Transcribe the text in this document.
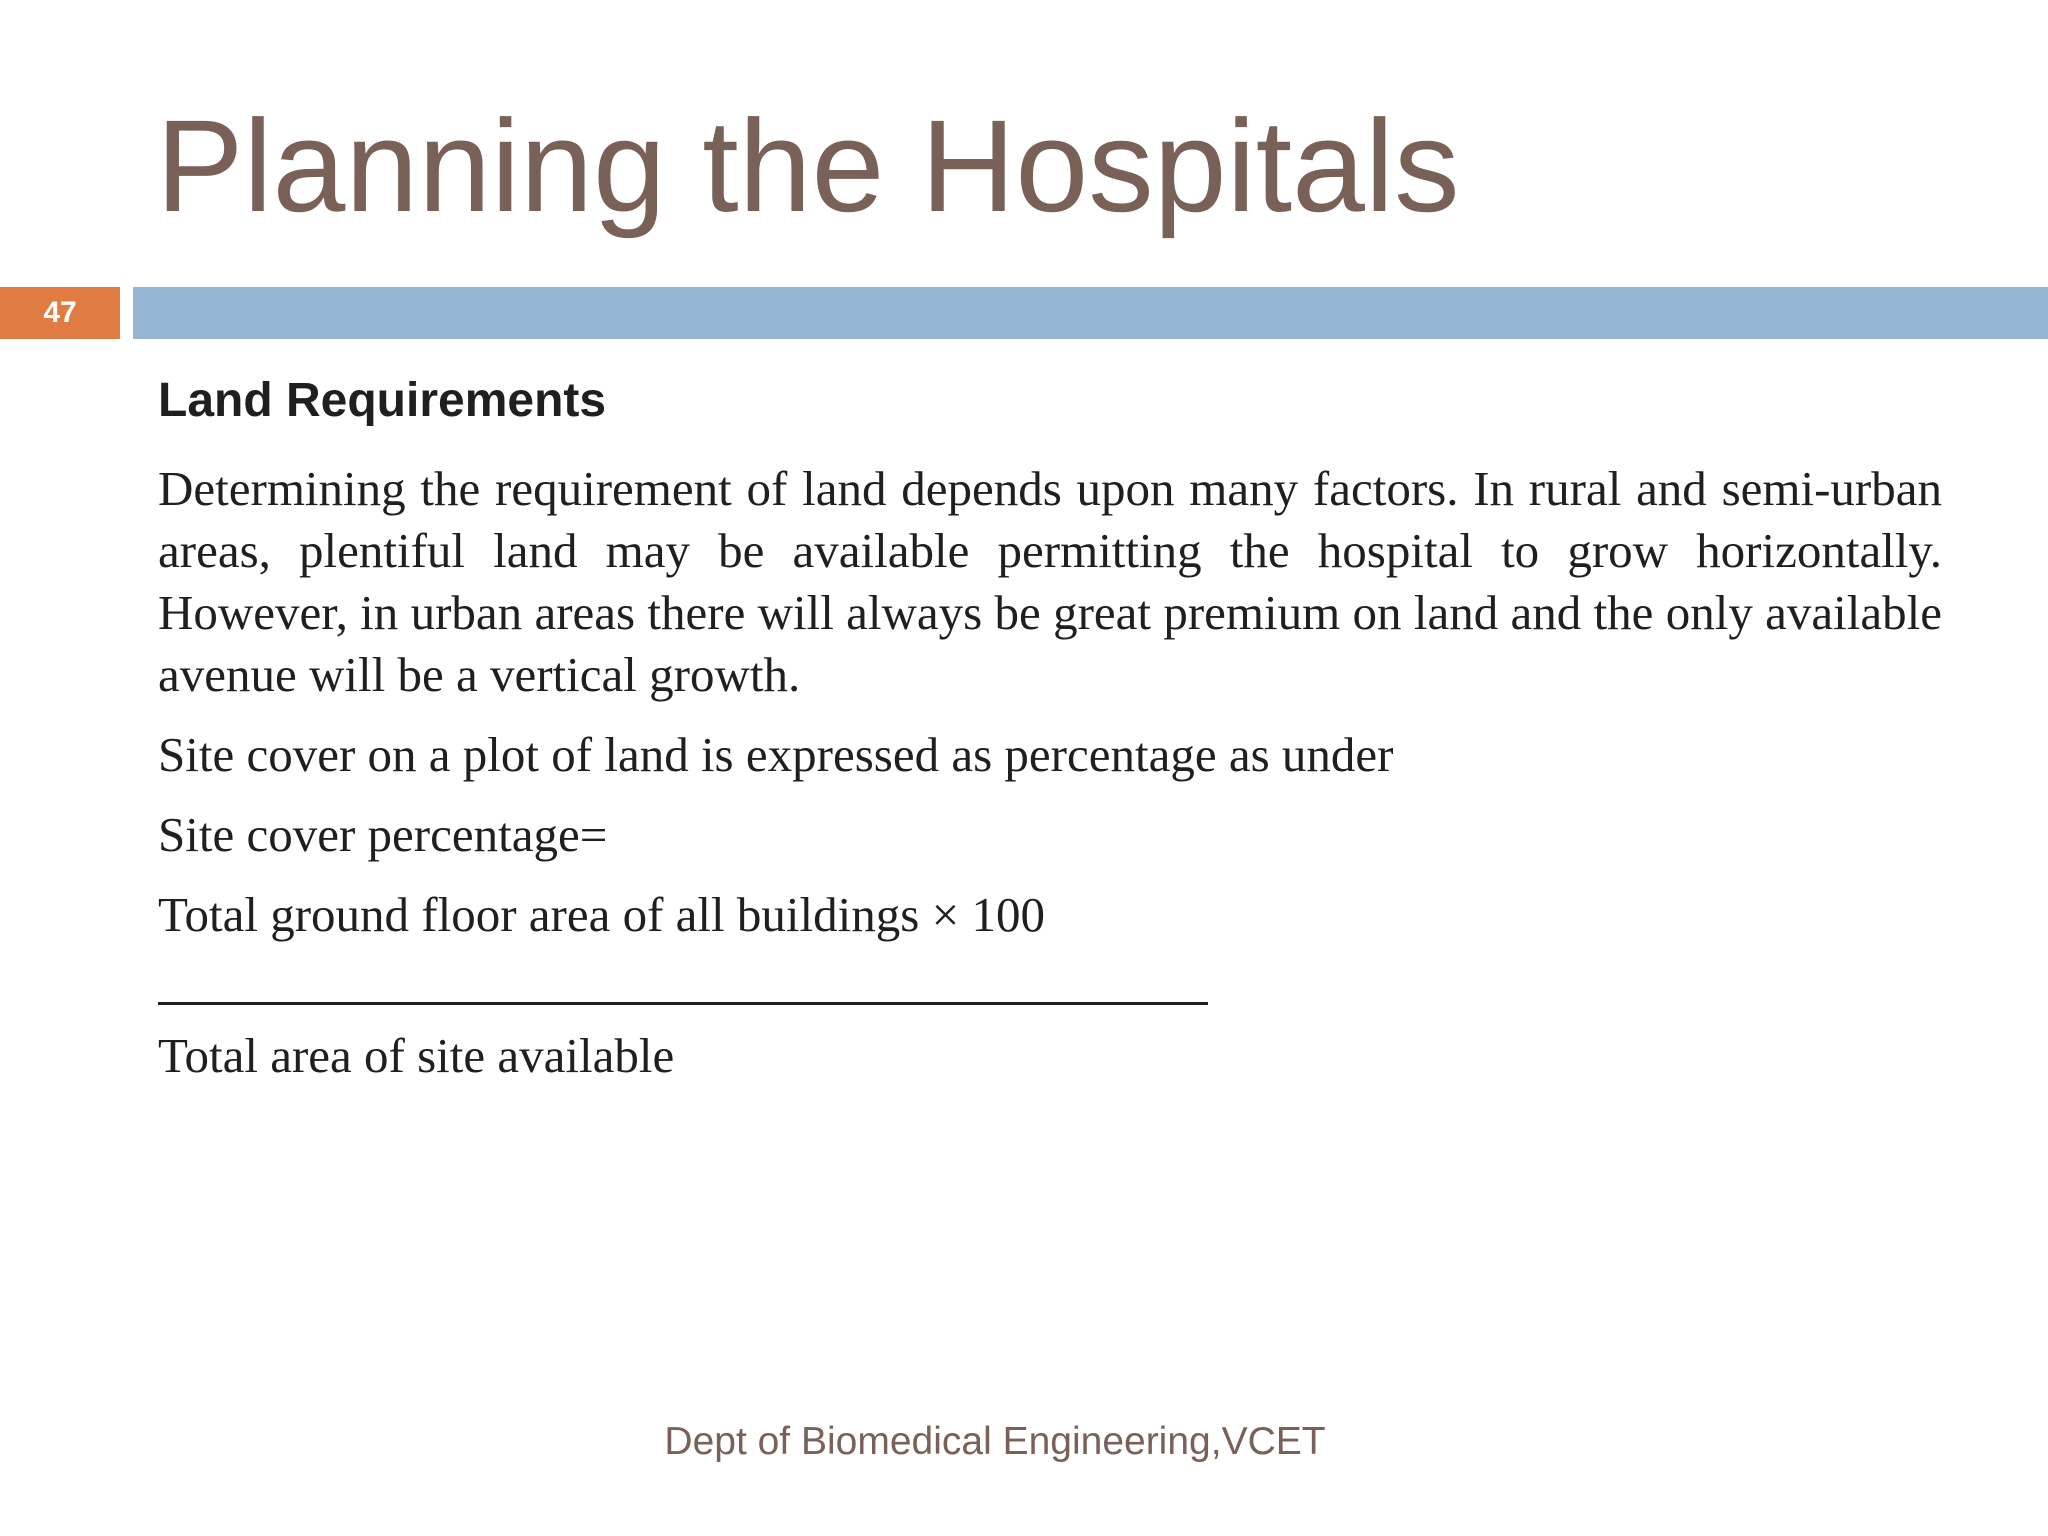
Planning the Hospitals
47
Land Requirements

Determining the requirement of land depends upon many factors. In rural and semi-urban areas, plentiful land may be available permitting the hospital to grow horizontally. However, in urban areas there will always be great premium on land and the only available avenue will be a vertical growth.

Site cover on a plot of land is expressed as percentage as under

Site cover percentage=

Total ground floor area of all buildings × 100

Total area of site available

Dept of Biomedical Engineering,VCET
